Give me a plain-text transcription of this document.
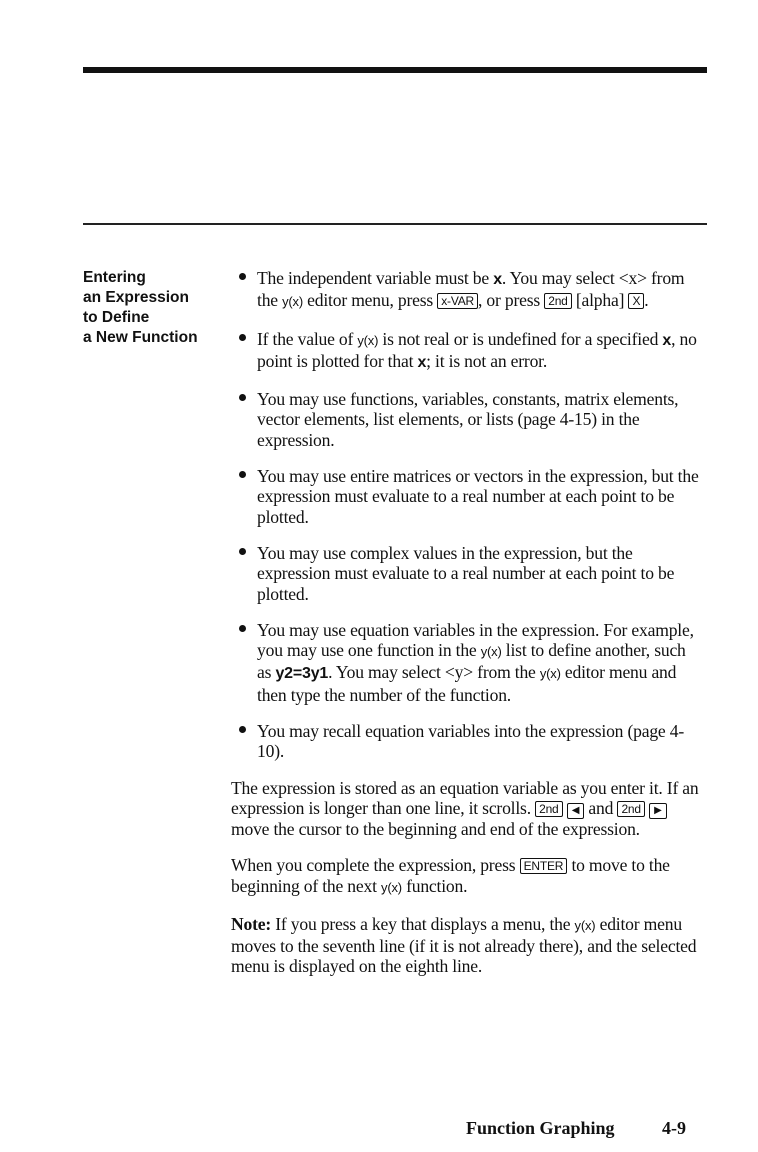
Entering
an Expression
to Define
a New Function
The independent variable must be x. You may select <x> from the y(x) editor menu, press x-VAR , or press 2nd [alpha] X .
If the value of y(x) is not real or is undefined for a specified x, no point is plotted for that x; it is not an error.
You may use functions, variables, constants, matrix elements, vector elements, list elements, or lists (page 4-15) in the expression.
You may use entire matrices or vectors in the expression, but the expression must evaluate to a real number at each point to be plotted.
You may use complex values in the expression, but the expression must evaluate to a real number at each point to be plotted.
You may use equation variables in the expression. For example, you may use one function in the y(x) list to define another, such as y2=3y1. You may select <y> from the y(x) editor menu and then type the number of the function.
You may recall equation variables into the expression (page 4-10).

The expression is stored as an equation variable as you enter it. If an expression is longer than one line, it scrolls. 2nd ◀ and 2nd ▶ move the cursor to the beginning and end of the expression.

When you complete the expression, press ENTER to move to the beginning of the next y(x) function.

Note: If you press a key that displays a menu, the y(x) editor menu moves to the seventh line (if it is not already there), and the selected menu is displayed on the eighth line.

Function Graphing	4-9
